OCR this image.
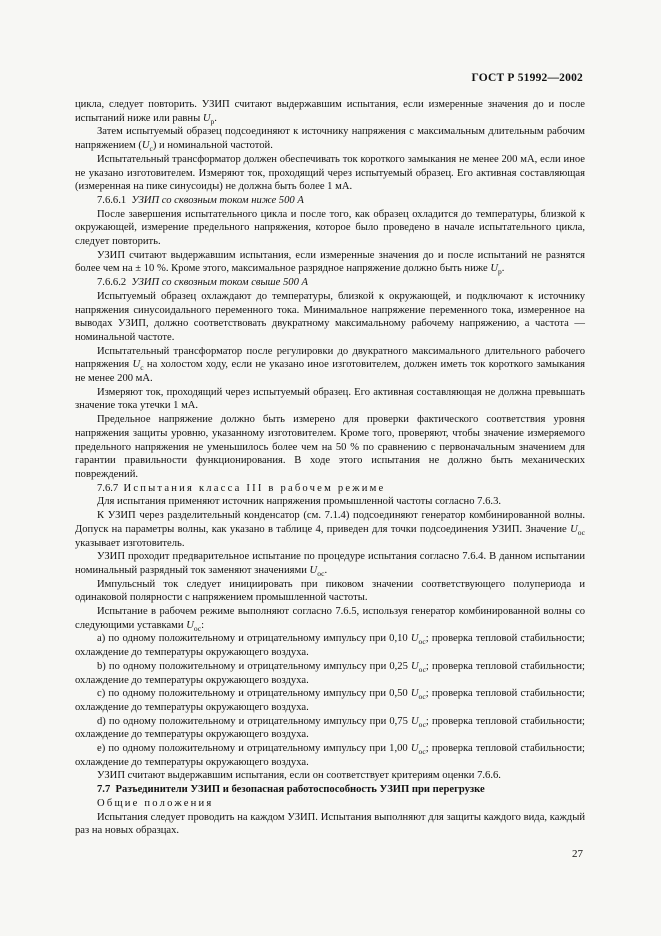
ГОСТ Р 51992—2002

цикла, следует повторить. УЗИП считают выдержавшим испытания, если измеренные значения до и после испытаний ниже или равны $U_р$.

Затем испытуемый образец подсоединяют к источнику напряжения с максимальным длительным рабочим напряжением $(U_c)$ и номинальной частотой.

Испытательный трансформатор должен обеспечивать ток короткого замыкания не менее 200 мА, если иное не указано изготовителем. Измеряют ток, проходящий через испытуемый образец. Его активная составляющая (измеренная на пике синусоиды) не должна быть более 1 мА.

7.6.6.1 УЗИП со сквозным током ниже 500 А

После завершения испытательного цикла и после того, как образец охладится до температуры, близкой к окружающей, измерение предельного напряжения, которое было проведено в начале испытательного цикла, следует повторить.

УЗИП считают выдержавшим испытания, если измеренные значения до и после испытаний не разнятся более чем на ± 10 %. Кроме этого, максимальное разрядное напряжение должно быть ниже $U_р$.

7.6.6.2 УЗИП со сквозным током свыше 500 А

Испытуемый образец охлаждают до температуры, близкой к окружающей, и подключают к источнику напряжения синусоидального переменного тока. Минимальное напряжение переменного тока, измеренное на выводах УЗИП, должно соответствовать двукратному максимальному рабочему напряжению, а частота — номинальной частоте.

Испытательный трансформатор после регулировки до двукратного максимального длительного рабочего напряжения $U_c$ на холостом ходу, если не указано иное изготовителем, должен иметь ток короткого замыкания не менее 200 мА.

Измеряют ток, проходящий через испытуемый образец. Его активная составляющая не должна превышать значение тока утечки 1 мА.

Предельное напряжение должно быть измерено для проверки фактического соответствия уровня напряжения защиты уровню, указанному изготовителем. Кроме того, проверяют, чтобы значение измеряемого предельного напряжения не уменьшилось более чем на 50 % по сравнению с первоначальным значением для гарантии правильности функционирования. В ходе этого испытания не должно быть механических повреждений.

7.6.7 Испытания класса III в рабочем режиме

Для испытания применяют источник напряжения промышленной частоты согласно 7.6.3.

К УЗИП через разделительный конденсатор (см. 7.1.4) подсоединяют генератор комбинированной волны. Допуск на параметры волны, как указано в таблице 4, приведен для точки подсоединения УЗИП. Значение $U_{ос}$ указывает изготовитель.

УЗИП проходит предварительное испытание по процедуре испытания согласно 7.6.4. В данном испытании номинальный разрядный ток заменяют значениями $U_{ос}$.

Импульсный ток следует инициировать при пиковом значении соответствующего полупериода и одинаковой полярности с напряжением промышленной частоты.

Испытание в рабочем режиме выполняют согласно 7.6.5, используя генератор комбинированной волны со следующими уставками $U_{ос}$:

a) по одному положительному и отрицательному импульсу при 0,10 $U_{ос}$; проверка тепловой стабильности; охлаждение до температуры окружающего воздуха.

b) по одному положительному и отрицательному импульсу при 0,25 $U_{ос}$; проверка тепловой стабильности; охлаждение до температуры окружающего воздуха.

c) по одному положительному и отрицательному импульсу при 0,50 $U_{ос}$; проверка тепловой стабильности; охлаждение до температуры окружающего воздуха.

d) по одному положительному и отрицательному импульсу при 0,75 $U_{ос}$; проверка тепловой стабильности; охлаждение до температуры окружающего воздуха.

e) по одному положительному и отрицательному импульсу при 1,00 $U_{ос}$; проверка тепловой стабильности; охлаждение до температуры окружающего воздуха.

УЗИП считают выдержавшим испытания, если он соответствует критериям оценки 7.6.6.

7.7 Разъединители УЗИП и безопасная работоспособность УЗИП при перегрузке

Общие положения

Испытания следует проводить на каждом УЗИП. Испытания выполняют для защиты каждого вида, каждый раз на новых образцах.

27
